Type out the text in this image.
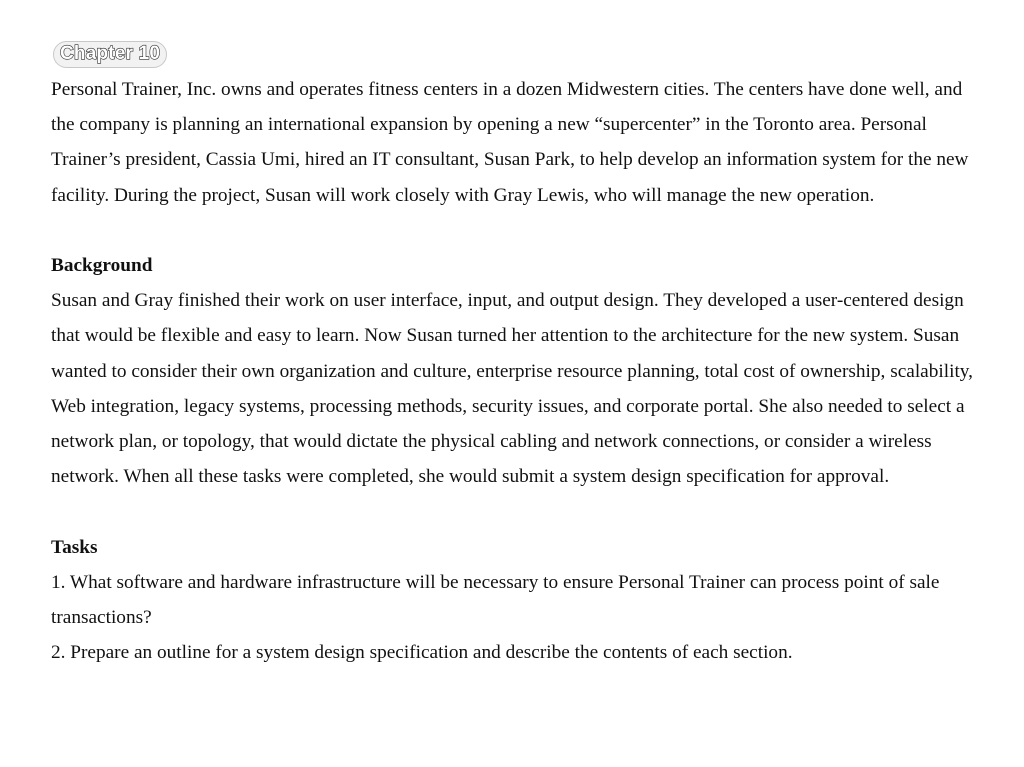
Chapter 10

Personal Trainer, Inc. owns and operates fitness centers in a dozen Midwestern cities. The centers have done well, and the company is planning an international expansion by opening a new “supercenter” in the Toronto area. Personal Trainer’s president, Cassia Umi, hired an IT consultant, Susan Park, to help develop an information system for the new facility. During the project, Susan will work closely with Gray Lewis, who will manage the new operation.

Background

Susan and Gray finished their work on user interface, input, and output design. They developed a user-centered design that would be flexible and easy to learn. Now Susan turned her attention to the architecture for the new system. Susan wanted to consider their own organization and culture, enterprise resource planning, total cost of ownership, scalability, Web integration, legacy systems, processing methods, security issues, and corporate portal. She also needed to select a network plan, or topology, that would dictate the physical cabling and network connections, or consider a wireless network. When all these tasks were completed, she would submit a system design specification for approval.

Tasks

1. What software and hardware infrastructure will be necessary to ensure Personal Trainer can process point of sale transactions?

2. Prepare an outline for a system design specification and describe the contents of each section.
